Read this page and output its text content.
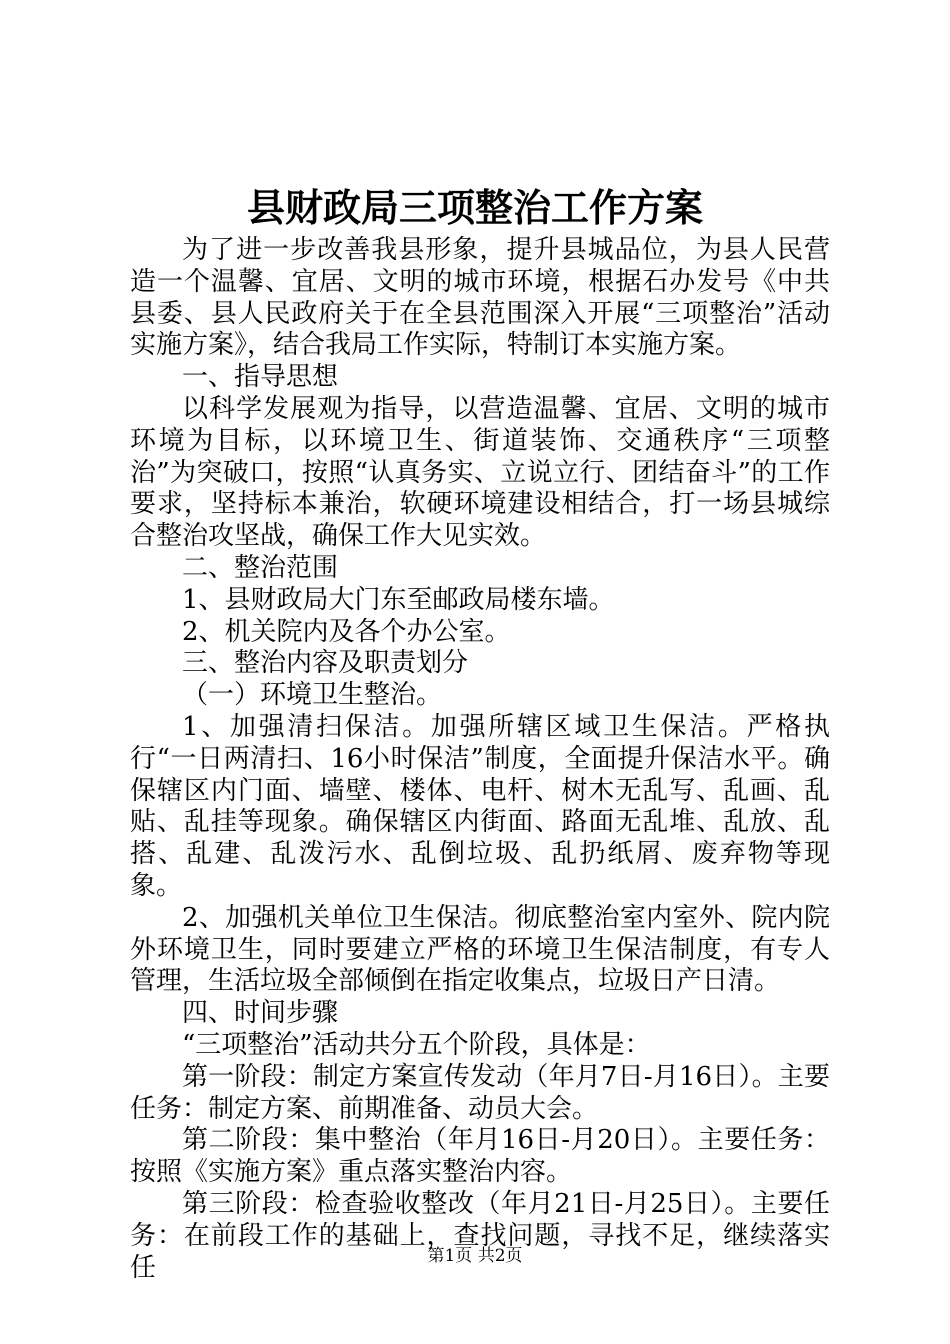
县财政局三项整治工作方案

为了进一步改善我县形象，提升县城品位，为县人民营造一个温馨、宜居、文明的城市环境，根据石办发号《中共县委、县人民政府关于在全县范围深入开展“三项整治”活动实施方案》，结合我局工作实际，特制订本实施方案。

一、指导思想

以科学发展观为指导，以营造温馨、宜居、文明的城市环境为目标，以环境卫生、街道装饰、交通秩序“三项整治”为突破口，按照“认真务实、立说立行、团结奋斗”的工作要求，坚持标本兼治，软硬环境建设相结合，打一场县城综合整治攻坚战，确保工作大见实效。

二、整治范围

1、县财政局大门东至邮政局楼东墙。

2、机关院内及各个办公室。

三、整治内容及职责划分

（一）环境卫生整治。

1、加强清扫保洁。加强所辖区域卫生保洁。严格执行“一日两清扫、16小时保洁”制度，全面提升保洁水平。确保辖区内门面、墙壁、楼体、电杆、树木无乱写、乱画、乱贴、乱挂等现象。确保辖区内街面、路面无乱堆、乱放、乱搭、乱建、乱泼污水、乱倒垃圾、乱扔纸屑、废弃物等现象。

2、加强机关单位卫生保洁。彻底整治室内室外、院内院外环境卫生，同时要建立严格的环境卫生保洁制度，有专人管理，生活垃圾全部倾倒在指定收集点，垃圾日产日清。

四、时间步骤

“三项整治”活动共分五个阶段，具体是：

第一阶段：制定方案宣传发动（年月7日-月16日）。主要任务：制定方案、前期准备、动员大会。

第二阶段：集中整治（年月16日-月20日）。主要任务：按照《实施方案》重点落实整治内容。

第三阶段：检查验收整改（年月21日-月25日）。主要任务：在前段工作的基础上，查找问题，寻找不足，继续落实任	第1页 共2页
